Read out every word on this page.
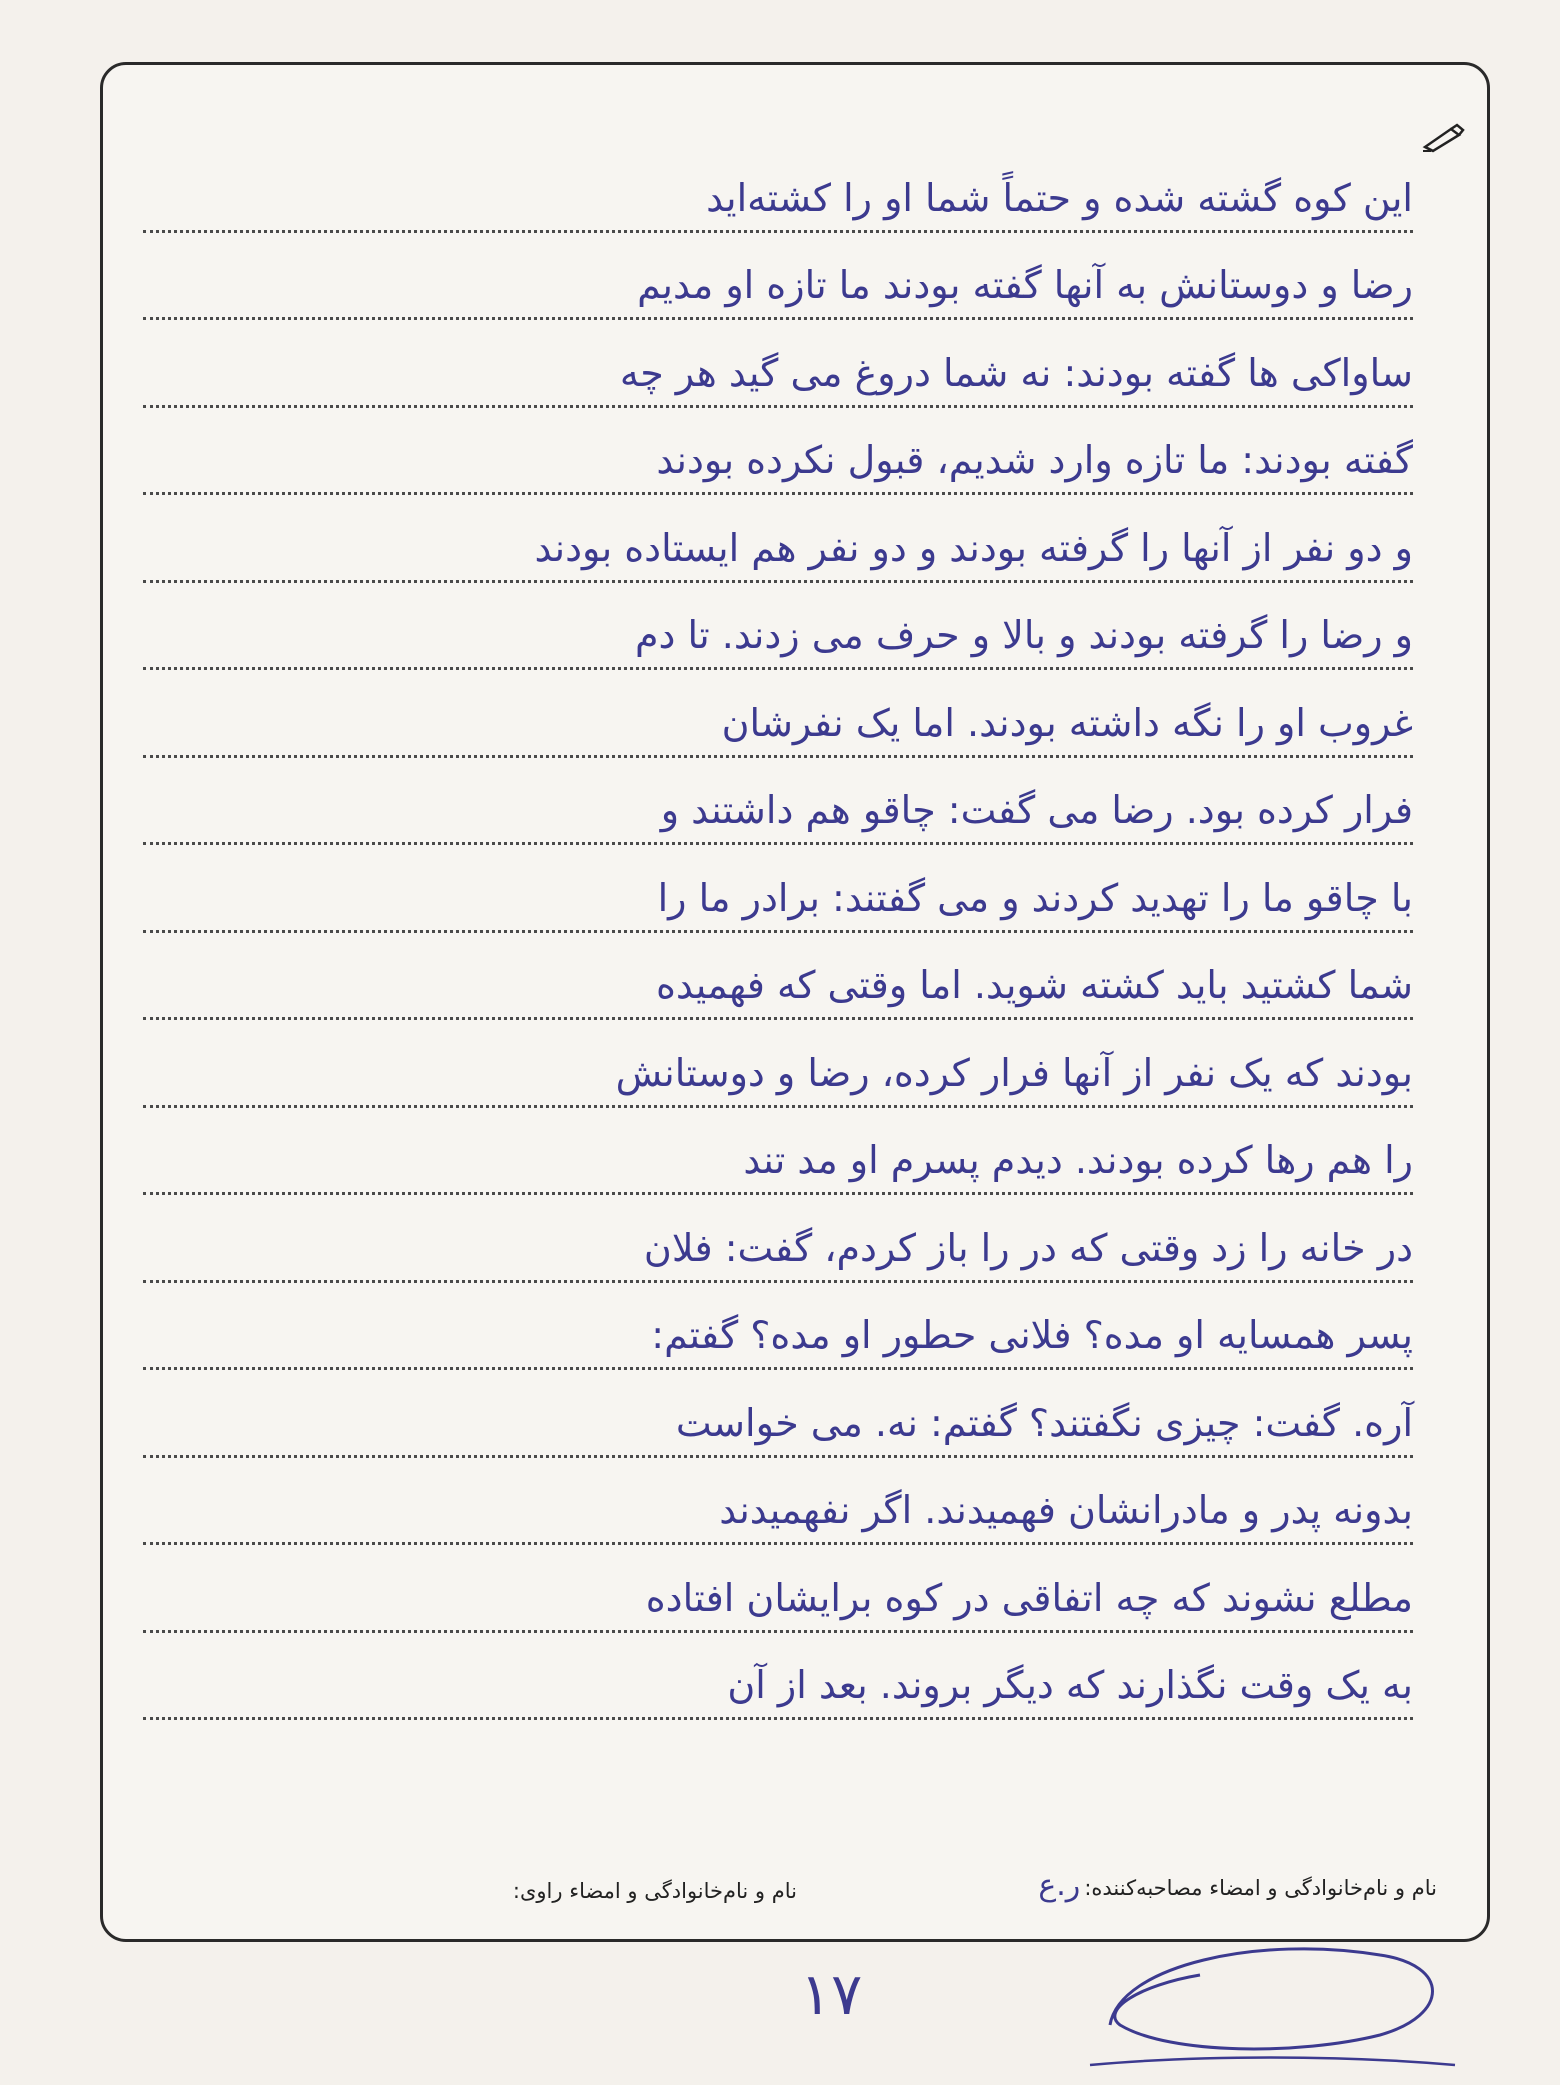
این کوه گشته شده و حتماً شما او را کشته‌اید
رضا و دوستانش به آنها گفته بودند ما تازه او مدیم
ساواکی ها گفته بودند: نه شما دروغ می گید هر چه
گفته بودند: ما تازه وارد شدیم، قبول نکرده بودند
و دو نفر از آنها را گرفته بودند و دو نفر هم ایستاده بودند
و رضا را گرفته بودند و بالا و حرف می زدند. تا دم
غروب او را نگه داشته بودند. اما یک نفرشان
فرار کرده بود. رضا می گفت: چاقو هم داشتند و
با چاقو ما را تهدید کردند و می گفتند: برادر ما را
شما کشتید باید کشته شوید. اما وقتی که فهمیده
بودند که یک نفر از آنها فرار کرده، رضا و دوستانش
را هم رها کرده بودند. دیدم پسرم او مد تند
در خانه را زد وقتی که در را باز کردم، گفت: فلان
پسر همسایه او مده؟ فلانی حطور او مده؟ گفتم:
آره. گفت: چیزی نگفتند؟ گفتم: نه. می خواست
بدونه پدر و مادرانشان فهمیدند. اگر نفهمیدند
مطلع نشوند که چه اتفاقی در کوه برایشان افتاده
به یک وقت نگذارند که دیگر بروند. بعد از آن
نام و نام‌خانوادگی و امضاء مصاحبه‌کننده:ر.ع
نام و نام‌خانوادگی و امضاء راوی:
۱۷
